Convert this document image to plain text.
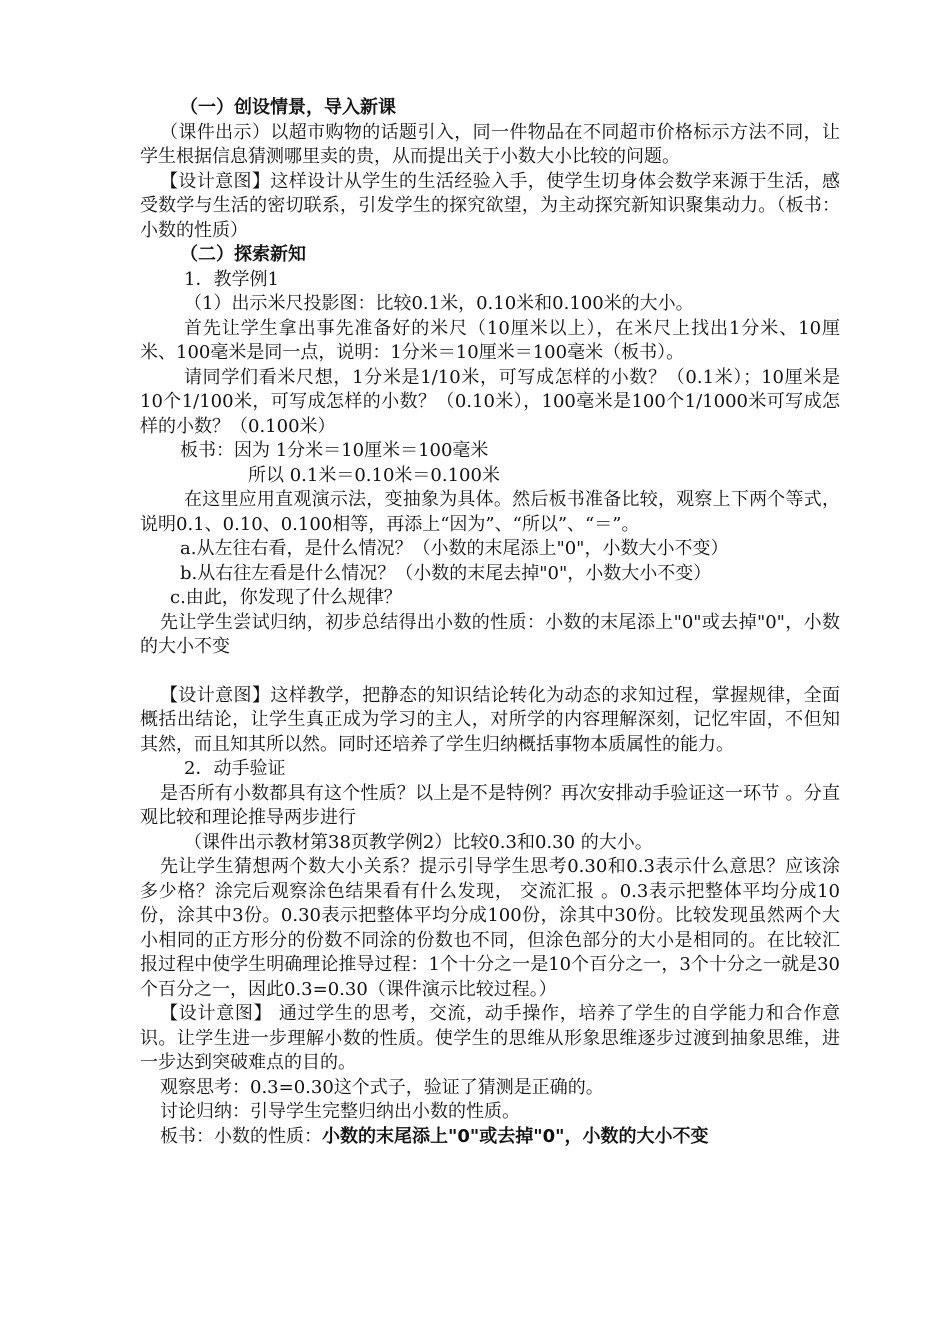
（一）创设情景，导入新课

（课件出示）以超市购物的话题引入，同一件物品在不同超市价格标示方法不同，让学生根据信息猜测哪里卖的贵，从而提出关于小数大小比较的问题。

【设计意图】这样设计从学生的生活经验入手，使学生切身体会数学来源于生活，感受数学与生活的密切联系，引发学生的探究欲望，为主动探究新知识聚集动力。（板书：小数的性质）

（二）探索新知

1．教学例1

（1）出示米尺投影图：比较0.1米，0.10米和0.100米的大小。

首先让学生拿出事先准备好的米尺（10厘米以上），在米尺上找出1分米、10厘米、100毫米是同一点，说明：1分米＝10厘米＝100毫米（板书）。

请同学们看米尺想，1分米是1/10米，可写成怎样的小数？（0.1米）；10厘米是10个1/100米，可写成怎样的小数？（0.10米），100毫米是100个1/1000米可写成怎样的小数？（0.100米）

板书：因为 1分米＝10厘米＝100毫米

所以 0.1米＝0.10米＝0.100米

在这里应用直观演示法，变抽象为具体。然后板书准备比较，观察上下两个等式，说明0.1、0.10、0.100相等，再添上“因为”、“所以”、“＝”。

a.从左往右看，是什么情况？（小数的末尾添上"0"，小数大小不变）

b.从右往左看是什么情况？（小数的末尾去掉"0"，小数大小不变）

c.由此，你发现了什么规律？

先让学生尝试归纳，初步总结得出小数的性质：小数的末尾添上"0"或去掉"0"，小数的大小不变

【设计意图】这样教学，把静态的知识结论转化为动态的求知过程，掌握规律，全面概括出结论，让学生真正成为学习的主人，对所学的内容理解深刻，记忆牢固，不但知其然，而且知其所以然。同时还培养了学生归纳概括事物本质属性的能力。

2．动手验证

是否所有小数都具有这个性质？以上是不是特例？再次安排动手验证这一环节 。分直观比较和理论推导两步进行

（课件出示教材第38页教学例2）比较0.3和0.30 的大小。

先让学生猜想两个数大小关系？提示引导学生思考0.30和0.3表示什么意思？应该涂多少格？涂完后观察涂色结果看有什么发现， 交流汇报 。0.3表示把整体平均分成10份，涂其中3份。0.30表示把整体平均分成100份，涂其中30份。比较发现虽然两个大小相同的正方形分的份数不同涂的份数也不同，但涂色部分的大小是相同的。在比较汇报过程中使学生明确理论推导过程：1个十分之一是10个百分之一，3个十分之一就是30个百分之一，因此0.3=0.30（课件演示比较过程。）

【设计意图】 通过学生的思考，交流，动手操作，培养了学生的自学能力和合作意识。让学生进一步理解小数的性质。使学生的思维从形象思维逐步过渡到抽象思维，进一步达到突破难点的目的。

观察思考：0.3=0.30这个式子，验证了猜测是正确的。

讨论归纳：引导学生完整归纳出小数的性质。

板书：小数的性质：小数的末尾添上"0"或去掉"0"，小数的大小不变
